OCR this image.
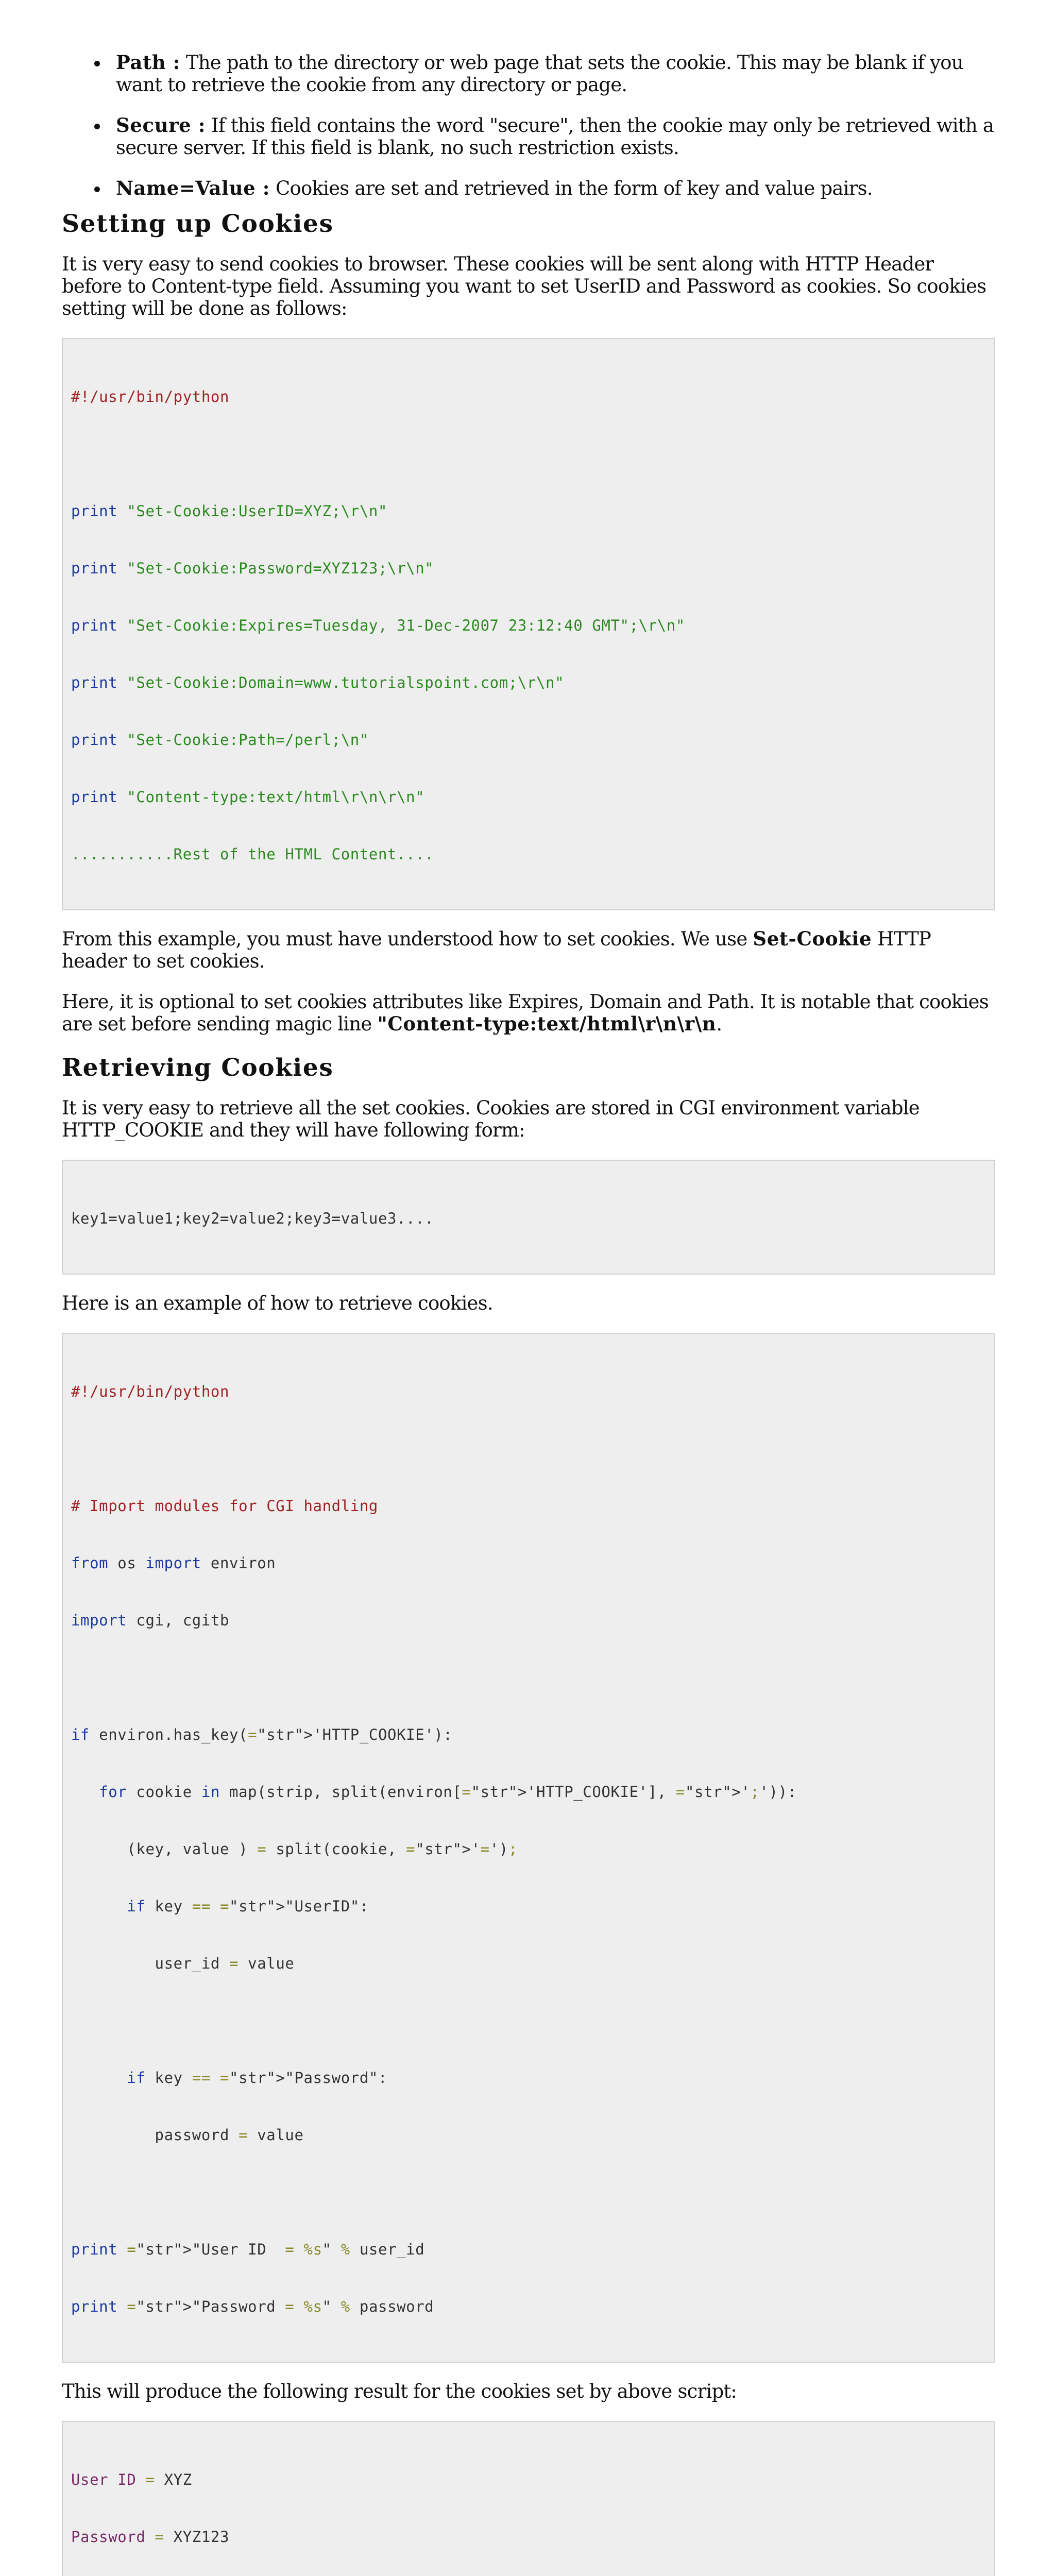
Path : The path to the directory or web page that sets the cookie. This may be blank if you want to retrieve the cookie from any directory or page.
Secure : If this field contains the word "secure", then the cookie may only be retrieved with a secure server. If this field is blank, no such restriction exists.
Name=Value : Cookies are set and retrieved in the form of key and value pairs.
Setting up Cookies

It is very easy to send cookies to browser. These cookies will be sent along with HTTP Header before to Content-type field. Assuming you want to set UserID and Password as cookies. So cookies setting will be done as follows:

#!/usr/bin/python

print "Set-Cookie:UserID=XYZ;\r\n"

print "Set-Cookie:Password=XYZ123;\r\n"

print "Set-Cookie:Expires=Tuesday, 31-Dec-2007 23:12:40 GMT";\r\n"

print "Set-Cookie:Domain=www.tutorialspoint.com;\r\n"

print "Set-Cookie:Path=/perl;\n"

print "Content-type:text/html\r\n\r\n"

...........Rest of the HTML Content....

From this example, you must have understood how to set cookies. We use Set-Cookie HTTP header to set cookies.

Here, it is optional to set cookies attributes like Expires, Domain and Path. It is notable that cookies are set before sending magic line "Content-type:text/html\r\n\r\n.

Retrieving Cookies

It is very easy to retrieve all the set cookies. Cookies are stored in CGI environment variable HTTP_COOKIE and they will have following form:

key1=value1;key2=value2;key3=value3....

Here is an example of how to retrieve cookies.

#!/usr/bin/python

# Import modules for CGI handling

from os import environ

import cgi, cgitb

if environ.has_key(="str">'HTTP_COOKIE'):

for cookie in map(strip, split(environ[="str">'HTTP_COOKIE'], ="str">';')):

(key, value ) = split(cookie, ="str">'=');

if key == ="str">"UserID":

user_id = value

if key == ="str">"Password":

password = value

print ="str">"User ID  = %s" % user_id

print ="str">"Password = %s" % password

This will produce the following result for the cookies set by above script:

User ID = XYZ

Password = XYZ123
